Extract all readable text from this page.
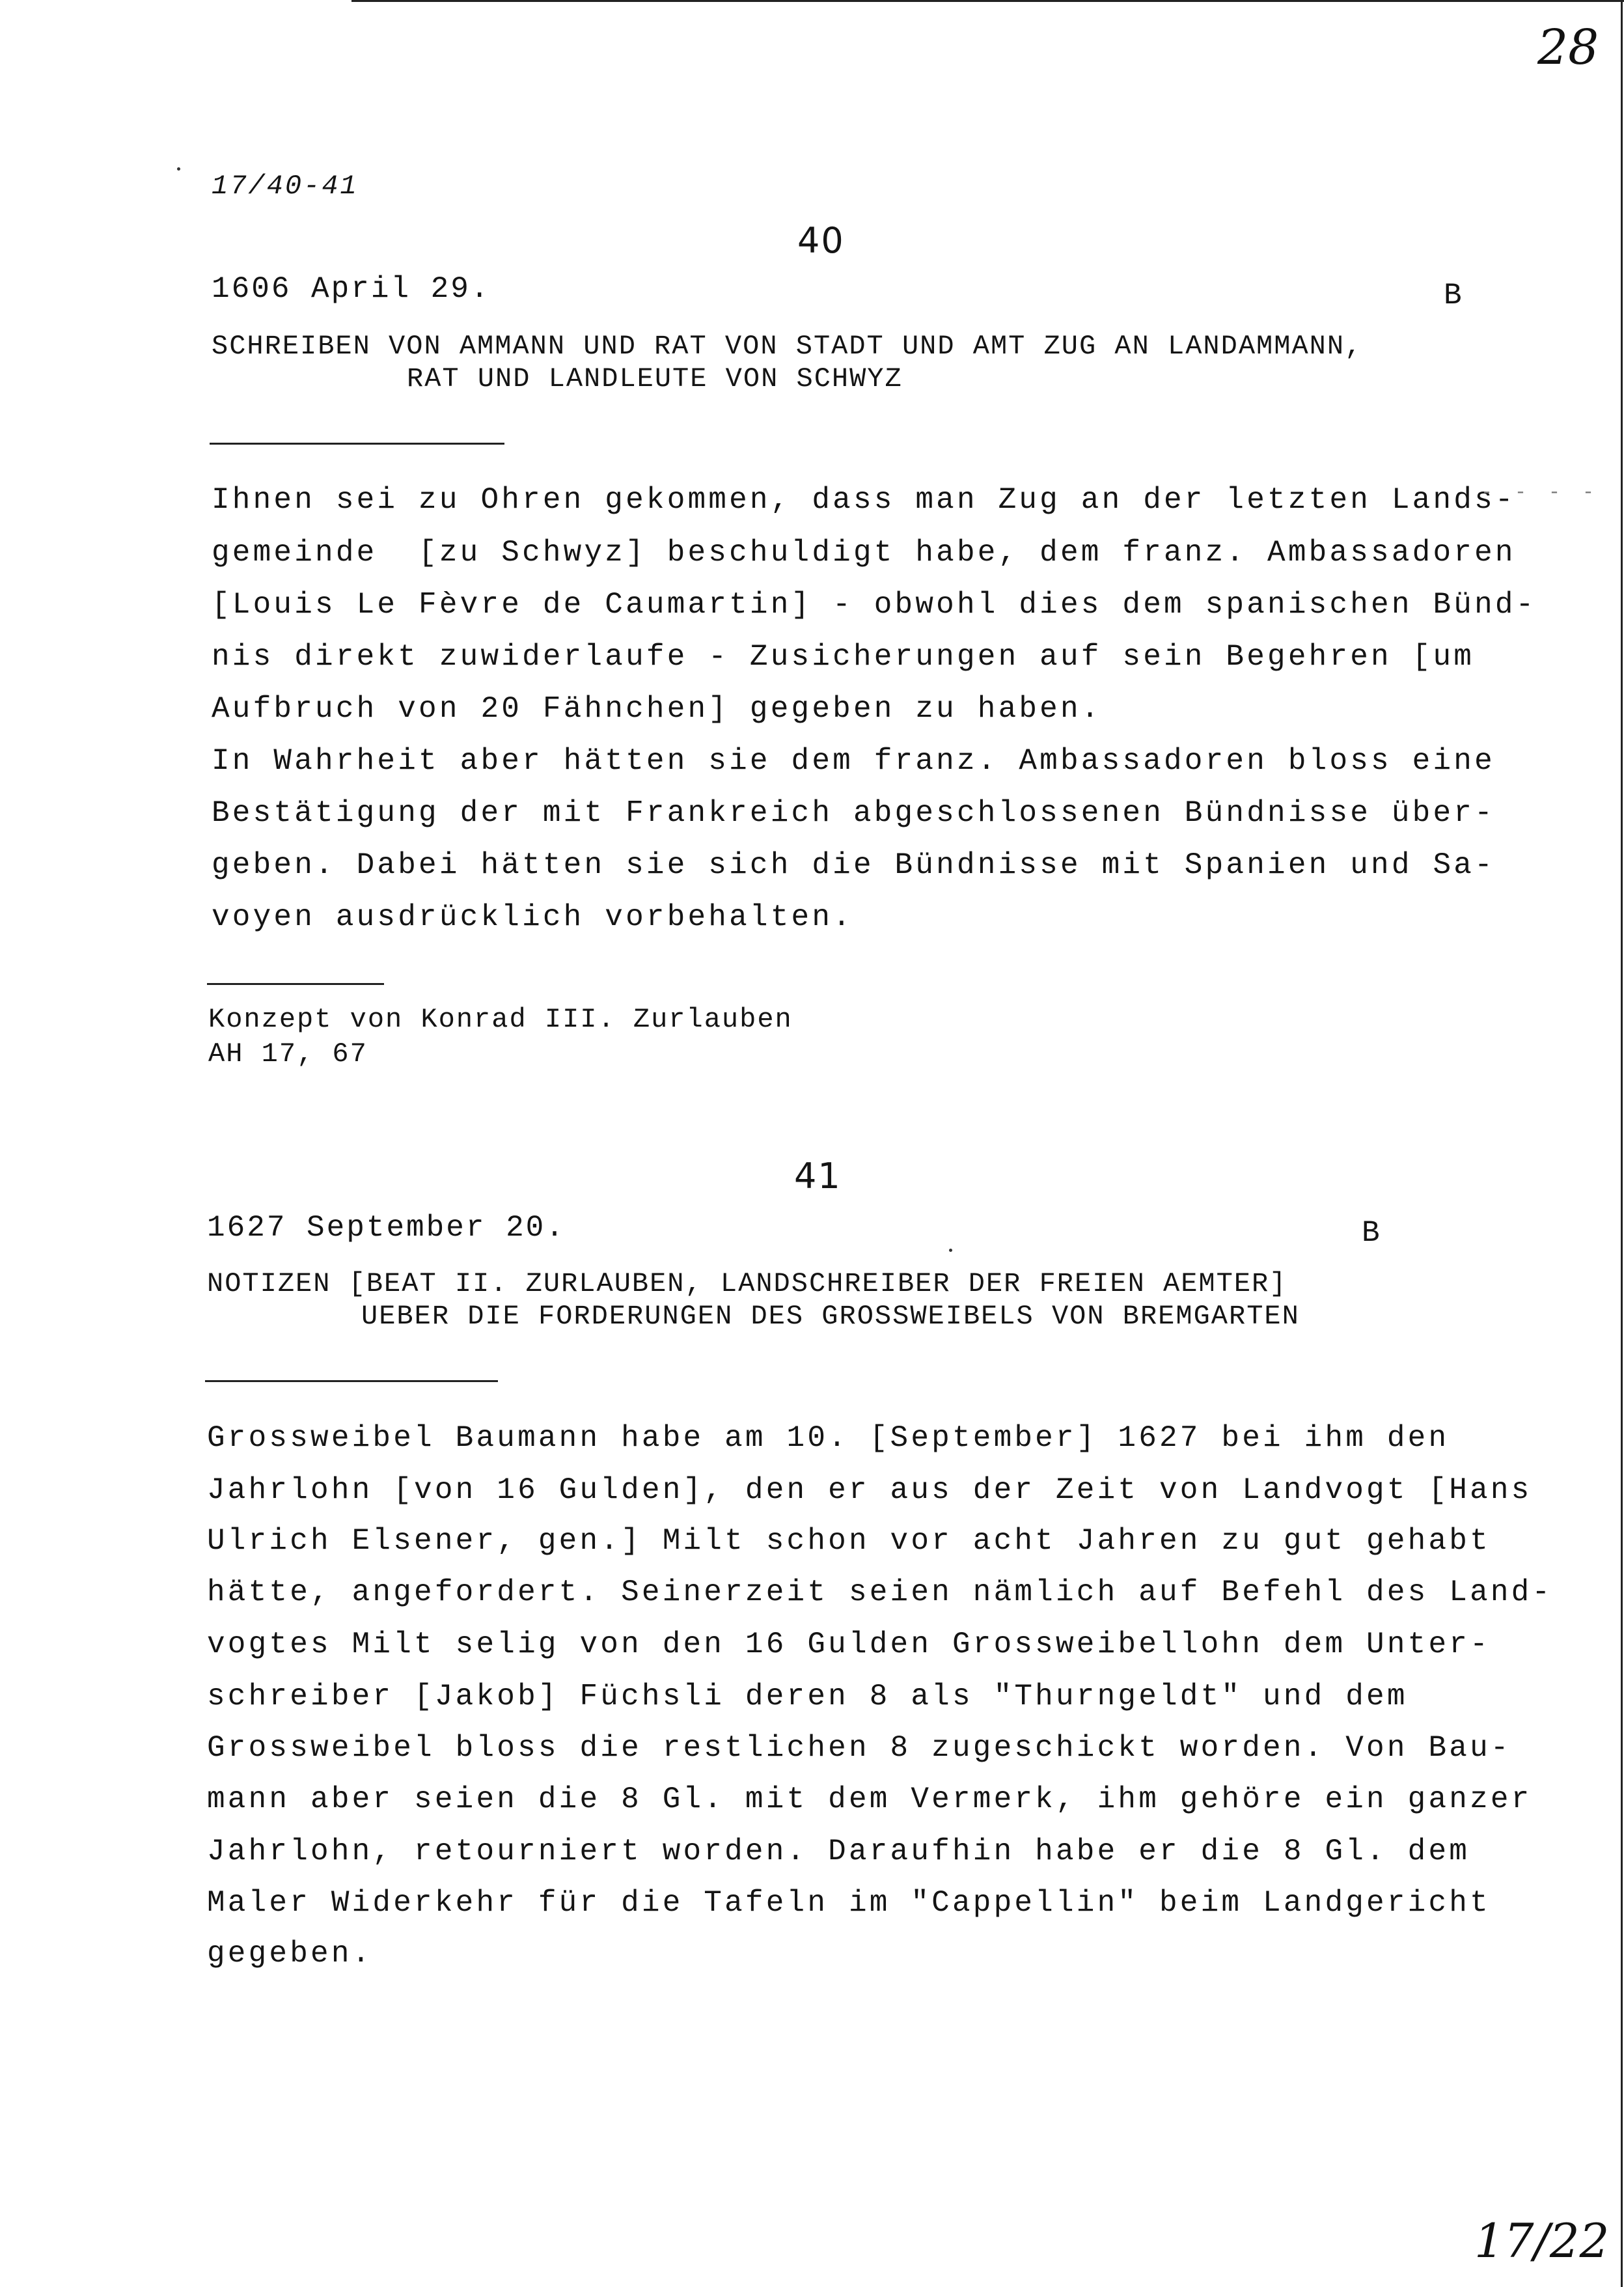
28
17/40-41
40
1606 April 29.	B
SCHREIBEN VON AMMANN UND RAT VON STADT UND AMT ZUG AN LANDAMMANN,
RAT UND LANDLEUTE VON SCHWYZ
Ihnen sei zu Ohren gekommen, dass man Zug an der letzten Lands-
- - - -
gemeinde  [zu Schwyz] beschuldigt habe, dem franz. Ambassadoren
[Louis Le Fèvre de Caumartin] - obwohl dies dem spanischen Bünd-
nis direkt zuwiderlaufe - Zusicherungen auf sein Begehren [um
Aufbruch von 20 Fähnchen] gegeben zu haben.
In Wahrheit aber hätten sie dem franz. Ambassadoren bloss eine
Bestätigung der mit Frankreich abgeschlossenen Bündnisse über-
geben. Dabei hätten sie sich die Bündnisse mit Spanien und Sa-
voyen ausdrücklich vorbehalten.
Konzept von Konrad III. Zurlauben
AH 17, 67
41
1627 September 20.	B
NOTIZEN [BEAT II. ZURLAUBEN, LANDSCHREIBER DER FREIEN AEMTER]
UEBER DIE FORDERUNGEN DES GROSSWEIBELS VON BREMGARTEN
Grossweibel Baumann habe am 10. [September] 1627 bei ihm den
Jahrlohn [von 16 Gulden], den er aus der Zeit von Landvogt [Hans
Ulrich Elsener, gen.] Milt schon vor acht Jahren zu gut gehabt
hätte, angefordert. Seinerzeit seien nämlich auf Befehl des Land-
vogtes Milt selig von den 16 Gulden Grossweibellohn dem Unter-
schreiber [Jakob] Füchsli deren 8 als "Thurngeldt" und dem
Grossweibel bloss die restlichen 8 zugeschickt worden. Von Bau-
mann aber seien die 8 Gl. mit dem Vermerk, ihm gehöre ein ganzer
Jahrlohn, retourniert worden. Daraufhin habe er die 8 Gl. dem
Maler Widerkehr für die Tafeln im "Cappellin" beim Landgericht
gegeben.
17/22
